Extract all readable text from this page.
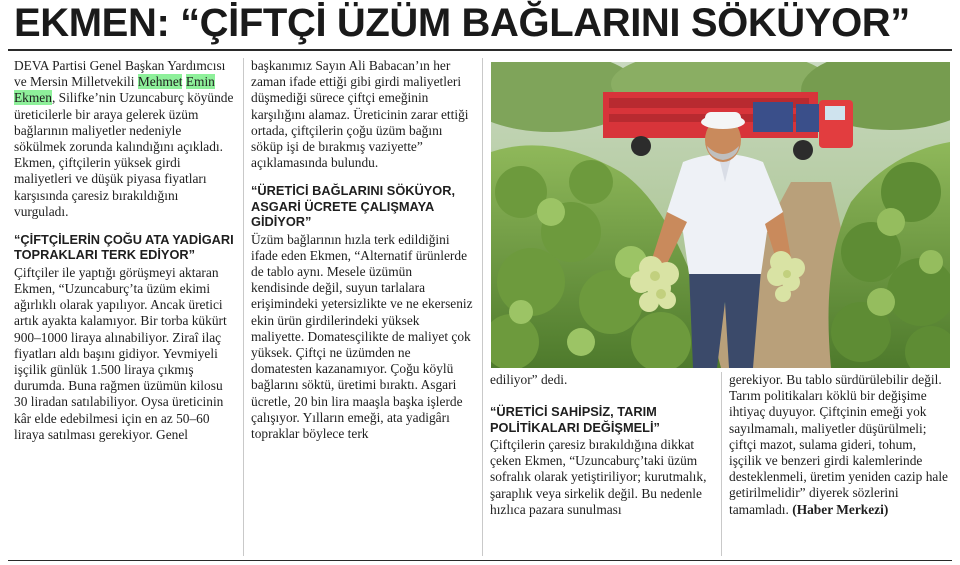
EKMEN: “ÇİFTÇİ ÜZÜM BAĞLARINI SÖKÜYOR”

DEVA Partisi Genel Başkan Yardımcısı ve Mersin Milletvekili Mehmet Emin Ekmen, Silifke’nin Uzuncaburç köyünde üreticilerle bir araya gelerek üzüm bağlarının maliyetler nedeniyle sökülmek zorunda kalındığını açıkladı. Ekmen, çiftçilerin yüksek girdi maliyetleri ve düşük piyasa fiyatları karşısında çaresiz bırakıldığını vurguladı.

“ÇİFTÇİLERİN ÇOĞU ATA YADİGARI TOPRAKLARI TERK EDİYOR”

Çiftçiler ile yaptığı görüşmeyi aktaran Ekmen, “Uzuncaburç’ta üzüm ekimi ağırlıklı olarak yapılıyor. Ancak üretici artık ayakta kalamıyor. Bir torba kükürt 900–1000 liraya alınabiliyor. Ziraî ilaç fiyatları aldı başını gidiyor. Yevmiyeli işçilik günlük 1.500 liraya çıkmış durumda. Buna rağmen üzümün kilosu 30 liradan satılabiliyor. Oysa üreticinin kâr elde edebilmesi için en az 50–60 liraya satılması gerekiyor. Genel

başkanımız Sayın Ali Babacan’ın her zaman ifade ettiği gibi girdi maliyetleri düşmediği sürece çiftçi emeğinin karşılığını alamaz. Üreticinin zarar ettiği ortada, çiftçilerin çoğu üzüm bağını söküp işi de bırakmış vaziyette” açıklamasında bulundu.

“ÜRETİCİ BAĞLARINI SÖKÜYOR, ASGARİ ÜCRETE ÇALIŞMAYA GİDİYOR”

Üzüm bağlarının hızla terk edildiğini ifade eden Ekmen, “Alternatif ürünlerde de tablo aynı. Mesele üzümün kendisinde değil, suyun tarlalara erişimindeki yetersizlikte ve ne ekerseniz ekin ürün girdilerindeki yüksek maliyette. Domatesçilikte de maliyet çok yüksek. Çiftçi ne üzümden ne domatesten kazanamıyor. Çoğu köylü bağlarını söktü, üretimi bıraktı. Asgari ücretle, 20 bin lira maaşla başka işlerde çalışıyor. Yılların emeği, ata yadigârı topraklar böylece terk

ediliyor” dedi.

“ÜRETİCİ SAHİPSİZ, TARIM POLİTİKALARI DEĞİŞMELİ”

Çiftçilerin çaresiz bırakıldığına dikkat çeken Ekmen, “Uzuncaburç’taki üzüm sofralık olarak yetiştiriliyor; kurutmalık, şaraplık veya sirkelik değil. Bu nedenle hızlıca pazara sunulması

gerekiyor. Bu tablo sürdürülebilir değil. Tarım politikaları köklü bir değişime ihtiyaç duyuyor. Çiftçinin emeği yok sayılmamalı, maliyetler düşürülmeli; çiftçi mazot, sulama gideri, tohum, işçilik ve benzeri girdi kalemlerinde desteklenmeli, üretim yeniden cazip hale getirilmelidir” diyerek sözlerini tamamladı. (Haber Merkezi)
